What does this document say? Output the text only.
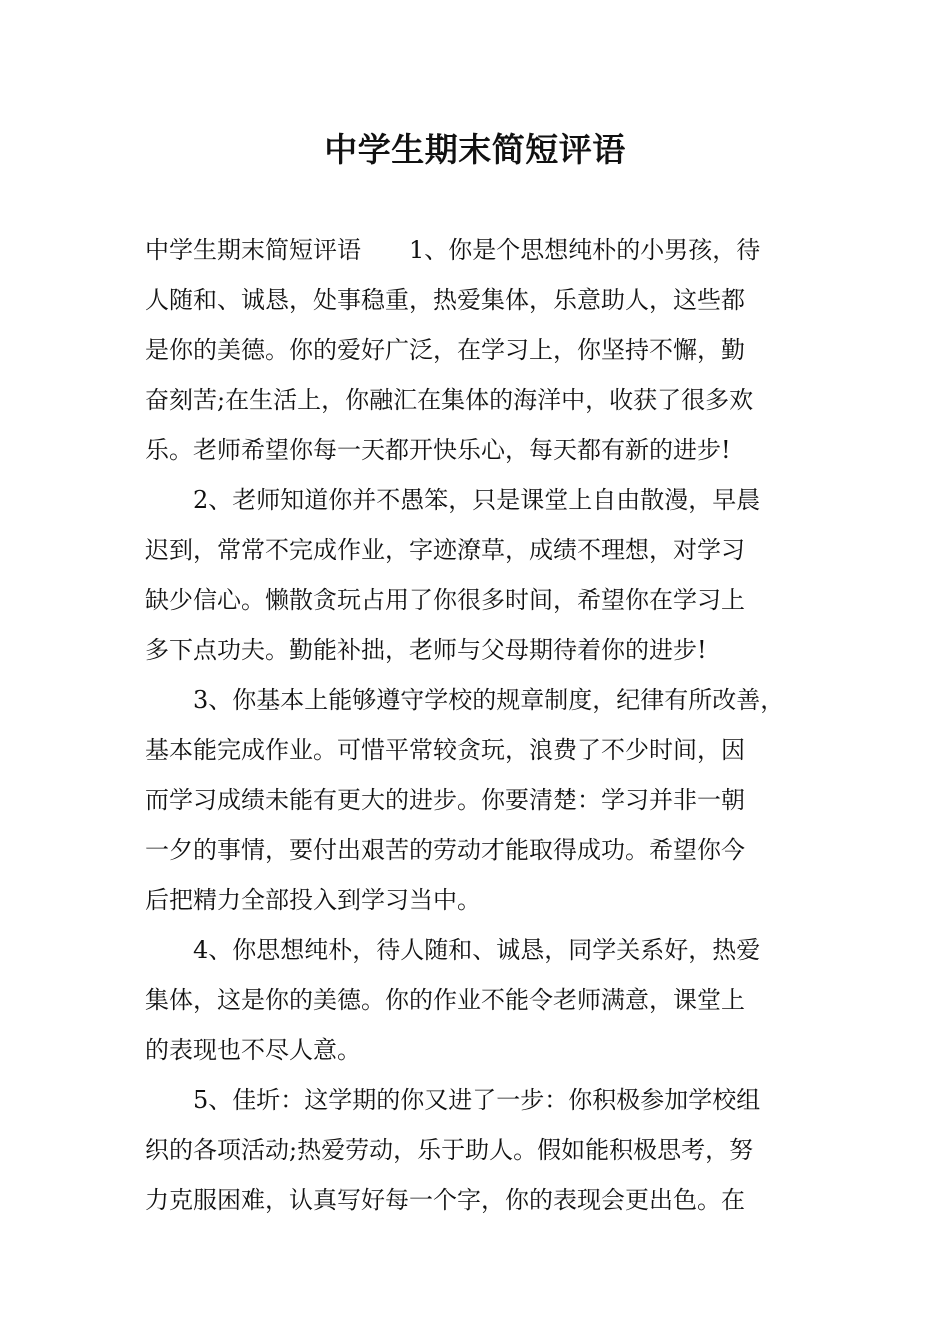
中学生期末简短评语
中学生期末简短评语　　1、你是个思想纯朴的小男孩，待
人随和、诚恳，处事稳重，热爱集体，乐意助人，这些都
是你的美德。你的爱好广泛，在学习上，你坚持不懈，勤
奋刻苦;在生活上，你融汇在集体的海洋中，收获了很多欢
乐。老师希望你每一天都开快乐心，每天都有新的进步!
2、老师知道你并不愚笨，只是课堂上自由散漫，早晨
迟到，常常不完成作业，字迹潦草，成绩不理想，对学习
缺少信心。懒散贪玩占用了你很多时间，希望你在学习上
多下点功夫。勤能补拙，老师与父母期待着你的进步!
3、你基本上能够遵守学校的规章制度，纪律有所改善，
基本能完成作业。可惜平常较贪玩，浪费了不少时间，因
而学习成绩未能有更大的进步。你要清楚：学习并非一朝
一夕的事情，要付出艰苦的劳动才能取得成功。希望你今
后把精力全部投入到学习当中。
4、你思想纯朴，待人随和、诚恳，同学关系好，热爱
集体，这是你的美德。你的作业不能令老师满意，课堂上
的表现也不尽人意。
5、佳圻：这学期的你又进了一步：你积极参加学校组
织的各项活动;热爱劳动，乐于助人。假如能积极思考，努
力克服困难，认真写好每一个字，你的表现会更出色。在
